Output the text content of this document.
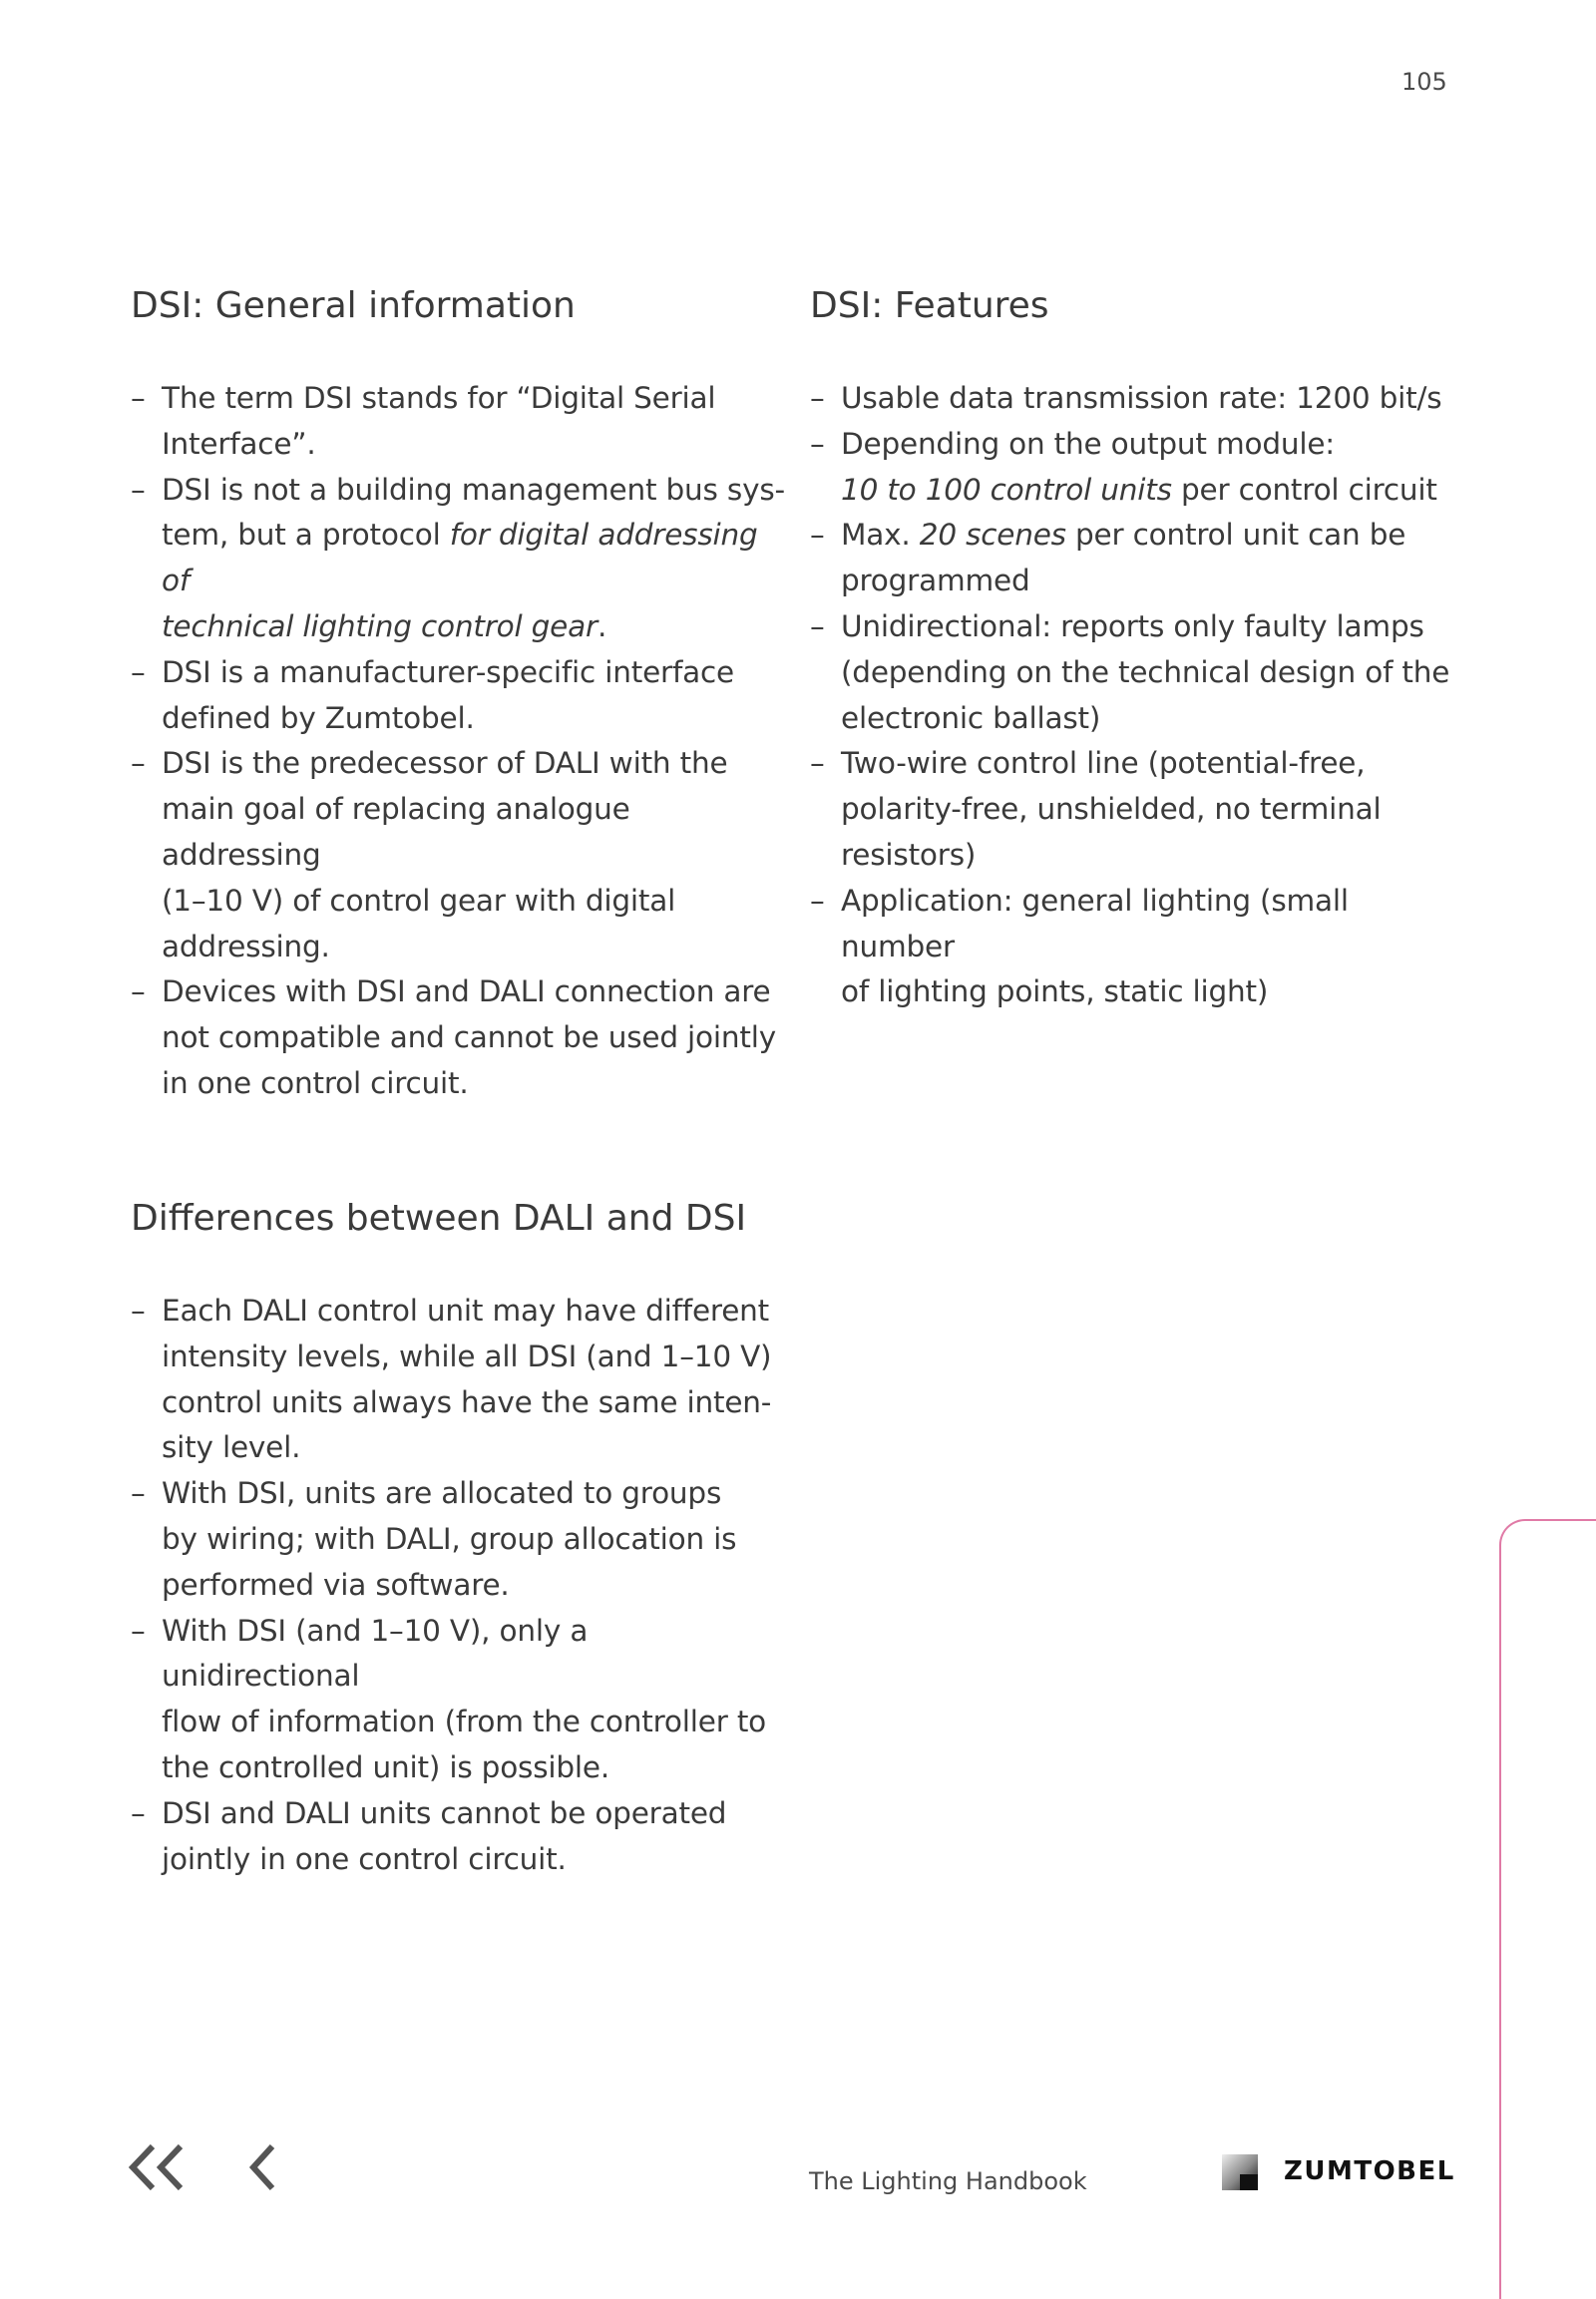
105
DSI: General information
– The term DSI stands for “Digital Serial
Interface”.
– DSI is not a building management bus sys-
tem, but a protocol for digital addressing of
technical lighting control gear.
– DSI is a manufacturer-specific interface
defined by Zumtobel.
– DSI is the predecessor of DALI with the
main goal of replacing analogue addressing
(1–10 V) of control gear with digital
addressing.
– Devices with DSI and DALI connection are
not compatible and cannot be used jointly
in one control circuit.
DSI: Features
– Usable data transmission rate: 1200 bit/s
– Depending on the output module:
10 to 100 control units per control circuit
– Max. 20 scenes per control unit can be
programmed
– Unidirectional: reports only faulty lamps
(depending on the technical design of the
electronic ballast)
– Two-wire control line (potential-free,
polarity-free, unshielded, no terminal
resistors)
– Application: general lighting (small number
of lighting points, static light)
Differences between DALI and DSI
– Each DALI control unit may have different
intensity levels, while all DSI (and 1–10 V)
control units always have the same inten-
sity level.
– With DSI, units are allocated to groups
by wiring; with DALI, group allocation is
performed via software.
– With DSI (and 1–10 V), only a unidirectional
flow of information (from the controller to
the controlled unit) is possible.
– DSI and DALI units cannot be operated
jointly in one control circuit.
The Lighting Handbook	ZUMTOBEL
